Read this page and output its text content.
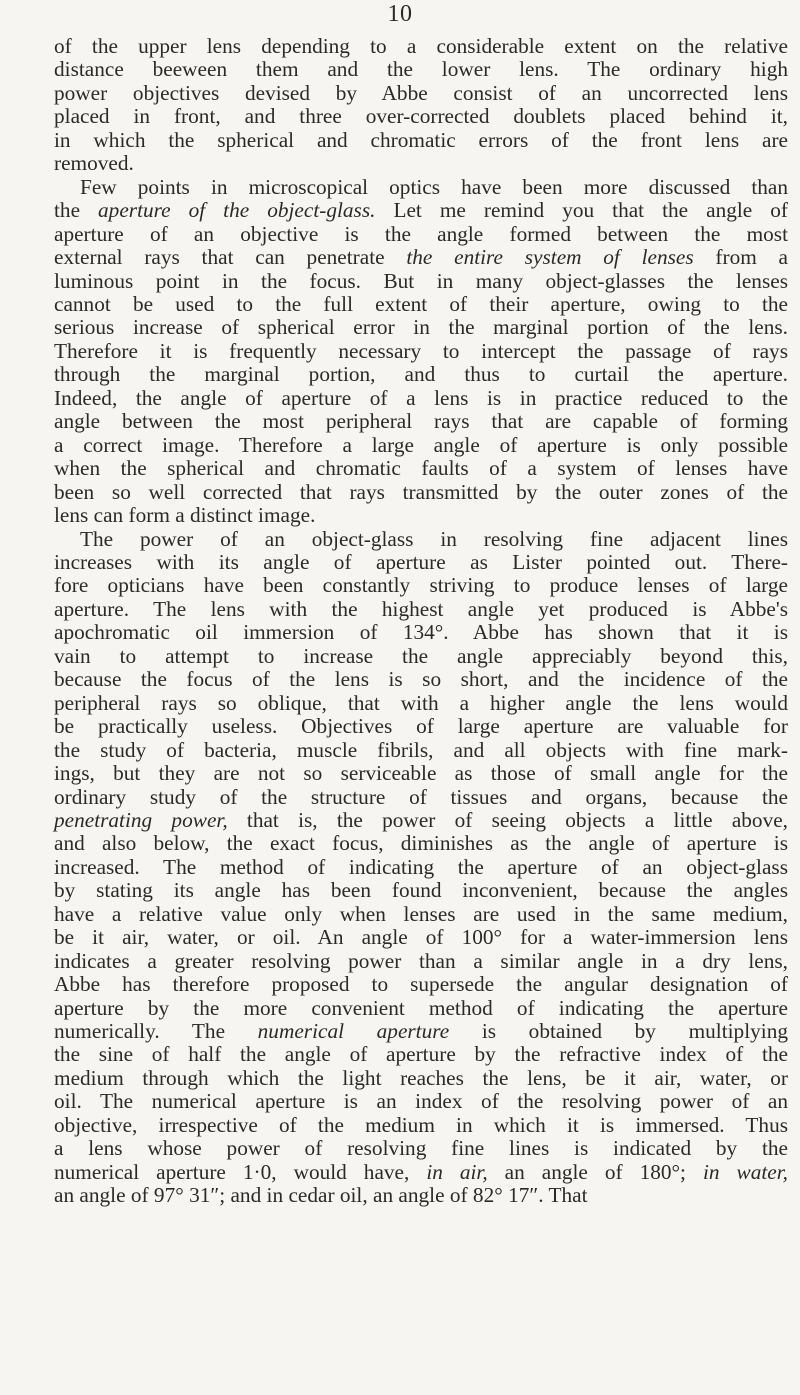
10
of the upper lens depending to a considerable extent on the relative
distance beeween them and the lower lens. The ordinary high
power objectives devised by Abbe consist of an uncorrected lens
placed in front, and three over-corrected doublets placed behind it,
in which the spherical and chromatic errors of the front lens are
removed.
Few points in microscopical optics have been more discussed than
the aperture of the object-glass. Let me remind you that the angle of
aperture of an objective is the angle formed between the most
external rays that can penetrate the entire system of lenses from a
luminous point in the focus. But in many object-glasses the lenses
cannot be used to the full extent of their aperture, owing to the
serious increase of spherical error in the marginal portion of the lens.
Therefore it is frequently necessary to intercept the passage of rays
through the marginal portion, and thus to curtail the aperture.
Indeed, the angle of aperture of a lens is in practice reduced to the
angle between the most peripheral rays that are capable of forming
a correct image. Therefore a large angle of aperture is only possible
when the spherical and chromatic faults of a system of lenses have
been so well corrected that rays transmitted by the outer zones of the
lens can form a distinct image.
The power of an object-glass in resolving fine adjacent lines
increases with its angle of aperture as Lister pointed out. There-
fore opticians have been constantly striving to produce lenses of large
aperture. The lens with the highest angle yet produced is Abbe's
apochromatic oil immersion of 134°. Abbe has shown that it is
vain to attempt to increase the angle appreciably beyond this,
because the focus of the lens is so short, and the incidence of the
peripheral rays so oblique, that with a higher angle the lens would
be practically useless. Objectives of large aperture are valuable for
the study of bacteria, muscle fibrils, and all objects with fine mark-
ings, but they are not so serviceable as those of small angle for the
ordinary study of the structure of tissues and organs, because the
penetrating power, that is, the power of seeing objects a little above,
and also below, the exact focus, diminishes as the angle of aperture is
increased. The method of indicating the aperture of an object-glass
by stating its angle has been found inconvenient, because the angles
have a relative value only when lenses are used in the same medium,
be it air, water, or oil. An angle of 100° for a water-immersion lens
indicates a greater resolving power than a similar angle in a dry lens,
Abbe has therefore proposed to supersede the angular designation of
aperture by the more convenient method of indicating the aperture
numerically. The numerical aperture is obtained by multiplying
the sine of half the angle of aperture by the refractive index of the
medium through which the light reaches the lens, be it air, water, or
oil. The numerical aperture is an index of the resolving power of an
objective, irrespective of the medium in which it is immersed. Thus
a lens whose power of resolving fine lines is indicated by the
numerical aperture 1·0, would have, in air, an angle of 180°; in water,
an angle of 97° 31″; and in cedar oil, an angle of 82° 17″. That
